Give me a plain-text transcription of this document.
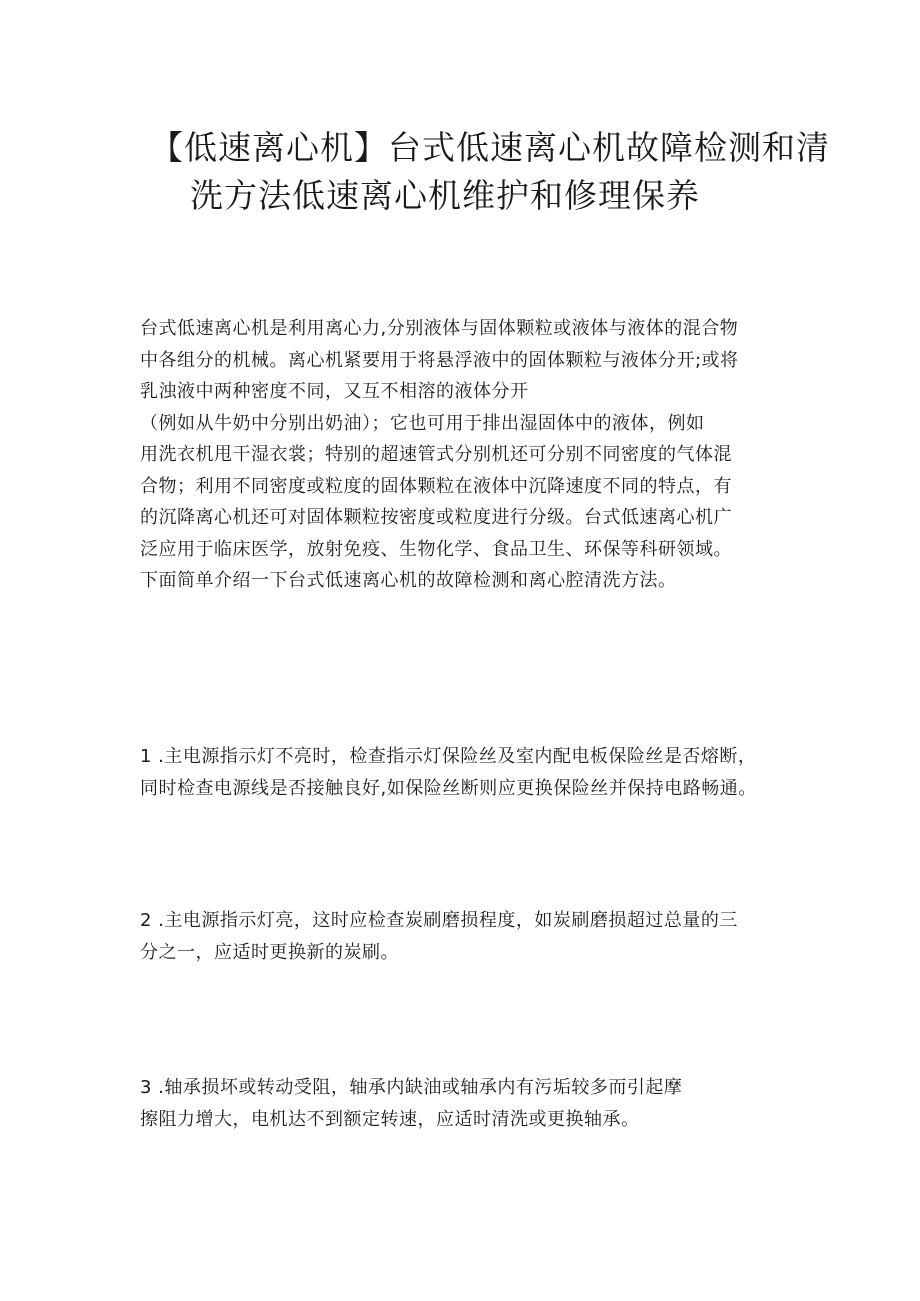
【低速离心机】台式低速离心机故障检测和清
洗方法低速离心机维护和修理保养

台式低速离心机是利用离心力,分别液体与固体颗粒或液体与液体的混合物
中各组分的机械。离心机紧要用于将悬浮液中的固体颗粒与液体分开;或将
乳浊液中两种密度不同，又互不相溶的液体分开
（例如从牛奶中分别出奶油）；它也可用于排出湿固体中的液体，例如
用洗衣机甩干湿衣裳；特别的超速管式分别机还可分别不同密度的气体混
合物；利用不同密度或粒度的固体颗粒在液体中沉降速度不同的特点，有
的沉降离心机还可对固体颗粒按密度或粒度进行分级。台式低速离心机广
泛应用于临床医学，放射免疫、生物化学、食品卫生、环保等科研领域。
下面简单介绍一下台式低速离心机的故障检测和离心腔清洗方法。

1 .主电源指示灯不亮时，检查指示灯保险丝及室内配电板保险丝是否熔断，
同时检查电源线是否接触良好,如保险丝断则应更换保险丝并保持电路畅通。

2 .主电源指示灯亮，这时应检查炭刷磨损程度，如炭刷磨损超过总量的三
分之一，应适时更换新的炭刷。

3 .轴承损坏或转动受阻，轴承内缺油或轴承内有污垢较多而引起摩
擦阻力增大，电机达不到额定转速，应适时清洗或更换轴承。
